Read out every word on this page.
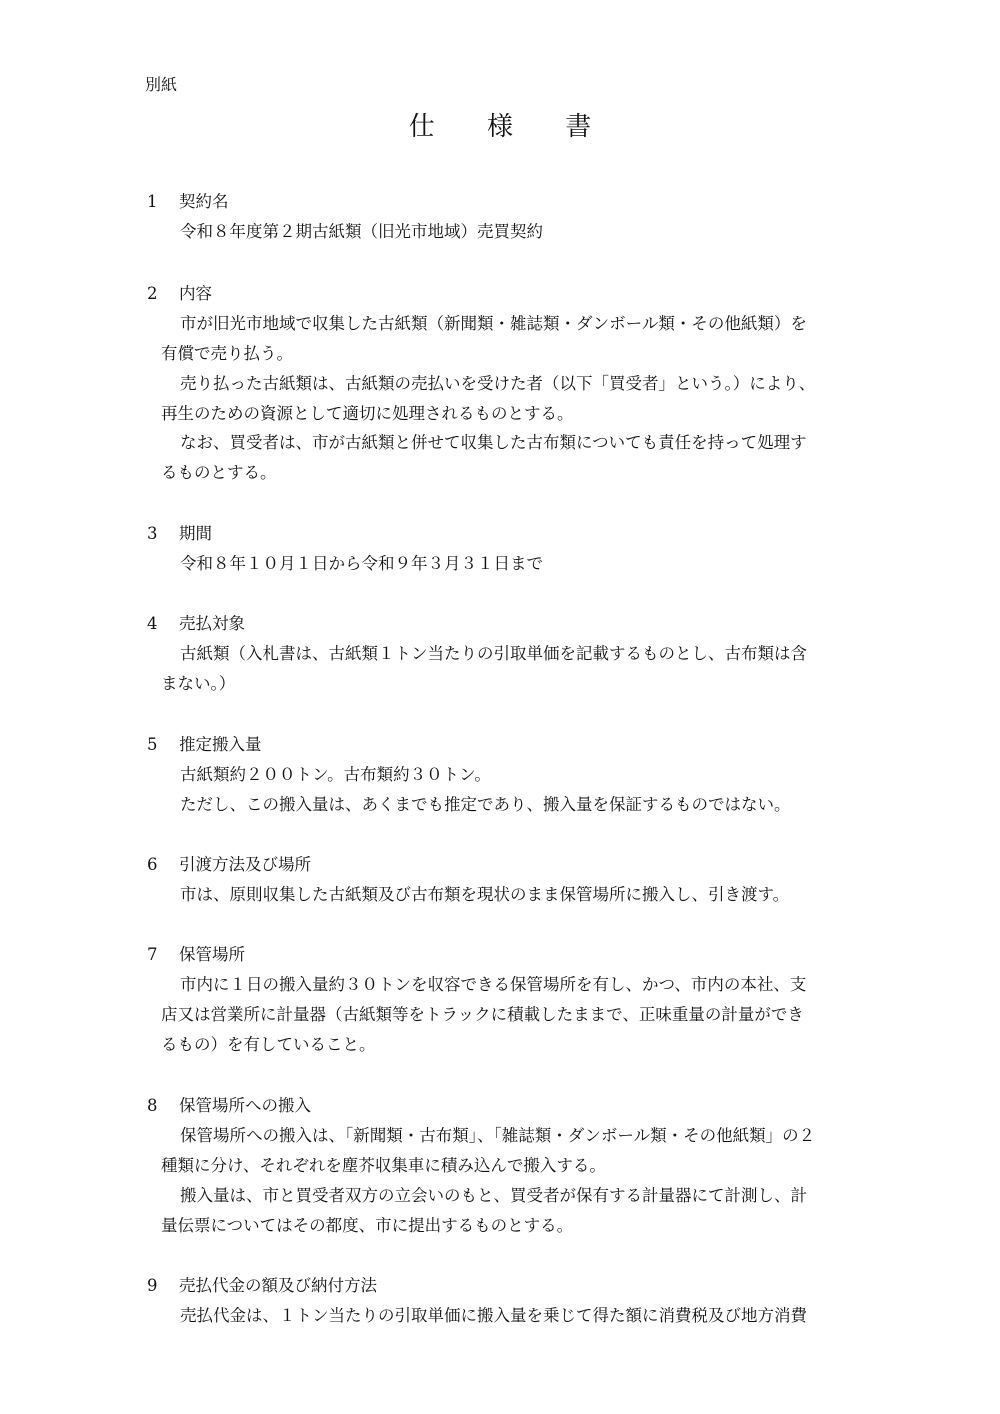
別紙
仕 様 書
1 契約名
令和８年度第２期古紙類（旧光市地域）売買契約
2 内容
市が旧光市地域で収集した古紙類（新聞類・雑誌類・ダンボール類・その他紙類）を
有償で売り払う。
売り払った古紙類は、古紙類の売払いを受けた者（以下「買受者」という。）により、
再生のための資源として適切に処理されるものとする。
なお、買受者は、市が古紙類と併せて収集した古布類についても責任を持って処理す
るものとする。
3 期間
令和８年１０月１日から令和９年３月３１日まで
4 売払対象
古紙類（入札書は、古紙類１トン当たりの引取単価を記載するものとし、古布類は含
まない。）
5 推定搬入量
古紙類約２００トン。古布類約３０トン。
ただし、この搬入量は、あくまでも推定であり、搬入量を保証するものではない。
6 引渡方法及び場所
市は、原則収集した古紙類及び古布類を現状のまま保管場所に搬入し、引き渡す。
7 保管場所
市内に１日の搬入量約３０トンを収容できる保管場所を有し、かつ、市内の本社、支
店又は営業所に計量器（古紙類等をトラックに積載したままで、正味重量の計量ができ
るもの）を有していること。
8 保管場所への搬入
保管場所への搬入は、「新聞類・古布類」、「雑誌類・ダンボール類・その他紙類」の２
種類に分け、それぞれを塵芥収集車に積み込んで搬入する。
搬入量は、市と買受者双方の立会いのもと、買受者が保有する計量器にて計測し、計
量伝票についてはその都度、市に提出するものとする。
9 売払代金の額及び納付方法
売払代金は、１トン当たりの引取単価に搬入量を乗じて得た額に消費税及び地方消費
